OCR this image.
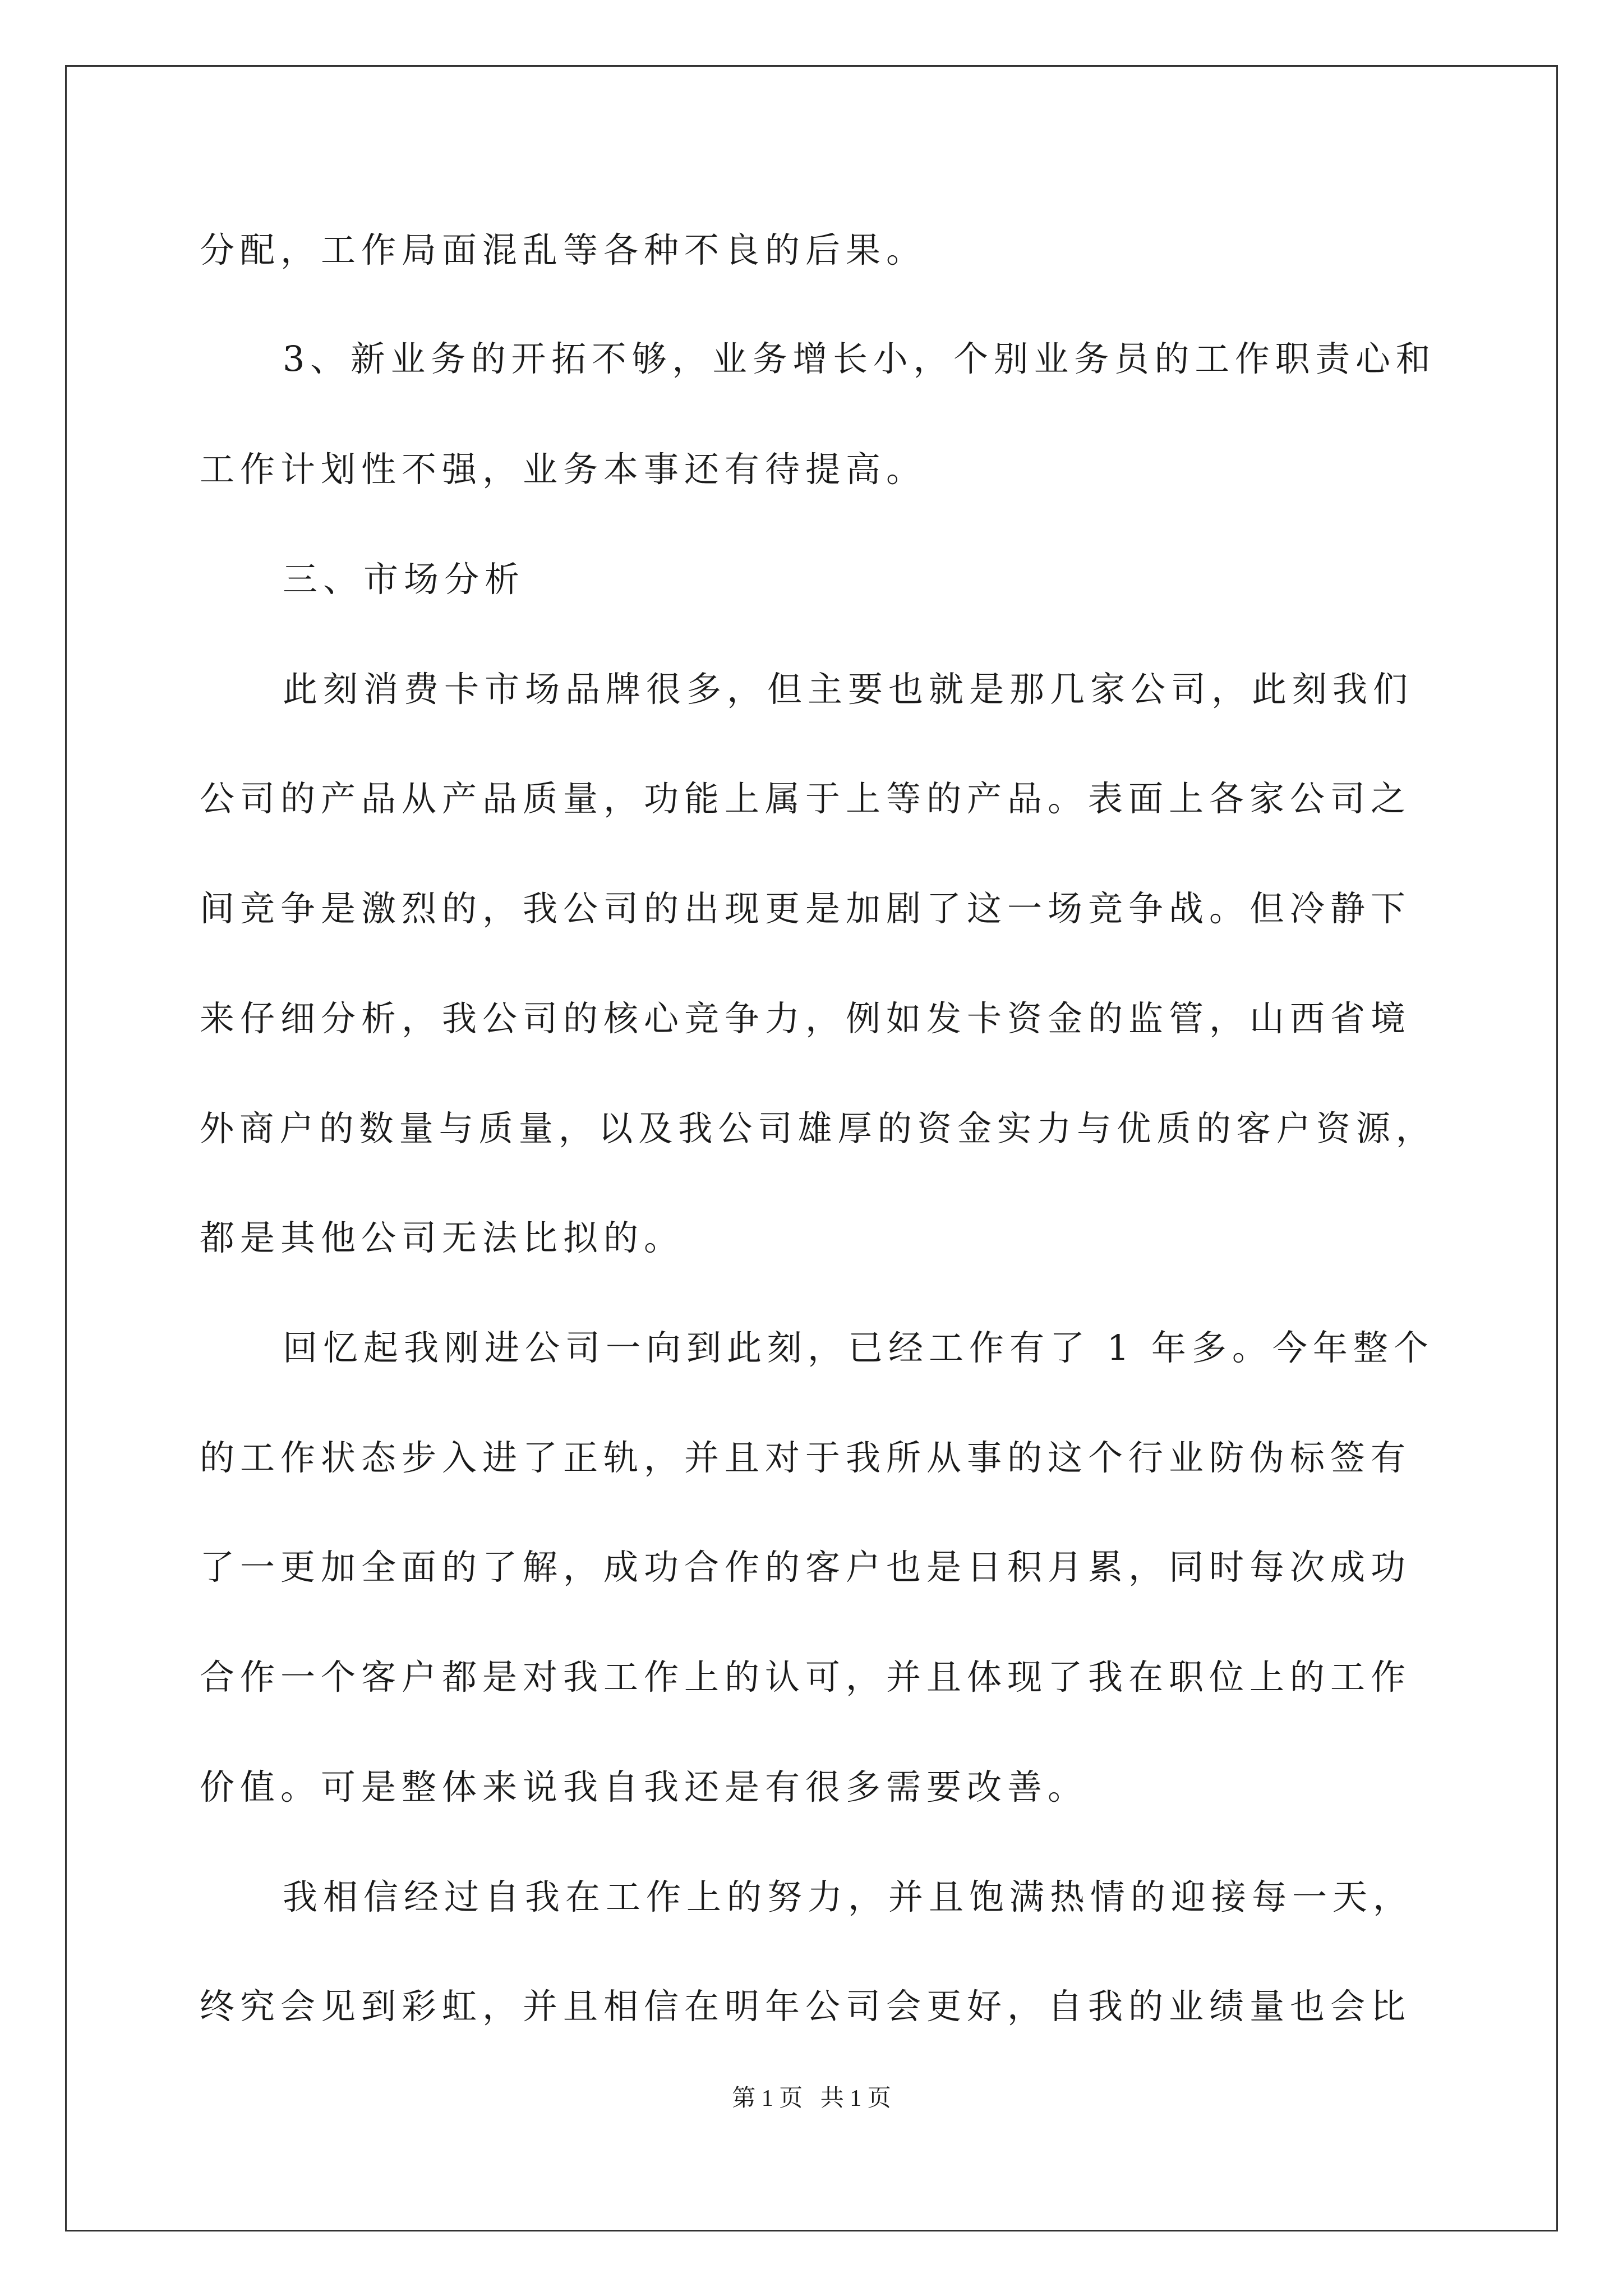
分配，工作局面混乱等各种不良的后果。
3、新业务的开拓不够，业务增长小，个别业务员的工作职责心和
工作计划性不强，业务本事还有待提高。
三、市场分析
此刻消费卡市场品牌很多，但主要也就是那几家公司，此刻我们
公司的产品从产品质量，功能上属于上等的产品。表面上各家公司之
间竞争是激烈的，我公司的出现更是加剧了这一场竞争战。但冷静下
来仔细分析，我公司的核心竞争力，例如发卡资金的监管，山西省境
外商户的数量与质量，以及我公司雄厚的资金实力与优质的客户资源，
都是其他公司无法比拟的。
回忆起我刚进公司一向到此刻，已经工作有了 1 年多。今年整个
的工作状态步入进了正轨，并且对于我所从事的这个行业防伪标签有
了一更加全面的了解，成功合作的客户也是日积月累，同时每次成功
合作一个客户都是对我工作上的认可，并且体现了我在职位上的工作
价值。可是整体来说我自我还是有很多需要改善。
我相信经过自我在工作上的努力，并且饱满热情的迎接每一天，
终究会见到彩虹，并且相信在明年公司会更好，自我的业绩量也会比
第 1 页   共 1 页
